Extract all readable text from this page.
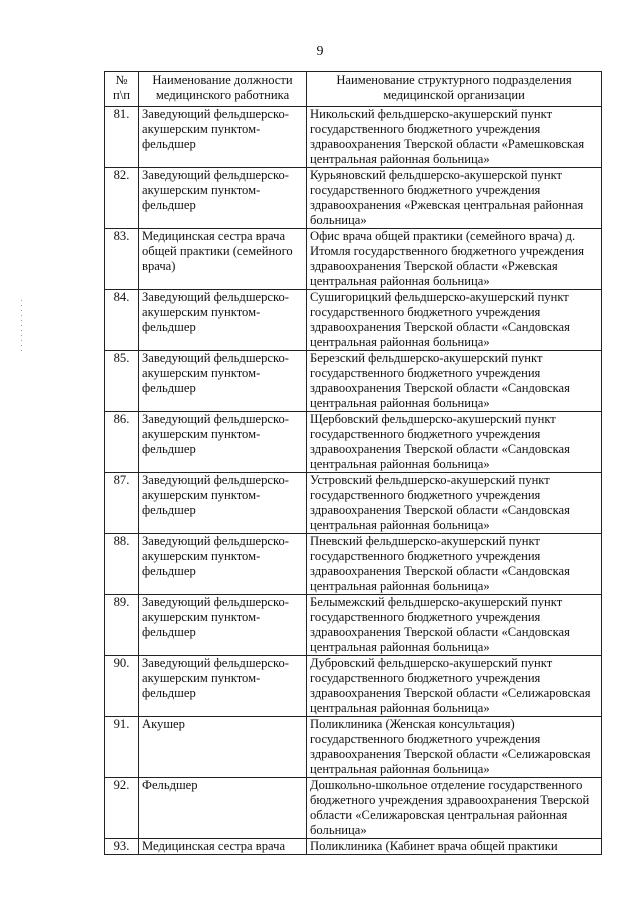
9
№ п\п	Наименование должности медицинского работника	Наименование структурного подразделения медицинской организации
81.	Заведующий фельдшерско-акушерским пунктом-фельдшер	Никольский фельдшерско-акушерский пункт государственного бюджетного учреждения здравоохранения Тверской области «Рамешковская центральная районная больница»
82.	Заведующий фельдшерско-акушерским пунктом-фельдшер	Курьяновский фельдшерско-акушерской пункт государственного бюджетного учреждения здравоохранения «Ржевская центральная районная больница»
83.	Медицинская сестра врача общей практики (семейного врача)	Офис врача общей практики (семейного врача) д. Итомля государственного бюджетного учреждения здравоохранения Тверской области «Ржевская центральная районная больница»
84.	Заведующий фельдшерско-акушерским пунктом-фельдшер	Сушигорицкий фельдшерско-акушерский пункт государственного бюджетного учреждения здравоохранения Тверской области «Сандовская центральная районная больница»
85.	Заведующий фельдшерско-акушерским пунктом-фельдшер	Березский фельдшерско-акушерский пункт государственного бюджетного учреждения здравоохранения Тверской области «Сандовская центральная районная больница»
86.	Заведующий фельдшерско-акушерским пунктом-фельдшер	Щербовский фельдшерско-акушерский пункт государственного бюджетного учреждения здравоохранения Тверской области «Сандовская центральная районная больница»
87.	Заведующий фельдшерско-акушерским пунктом-фельдшер	Устровский фельдшерско-акушерский пункт государственного бюджетного учреждения здравоохранения Тверской области «Сандовская центральная районная больница»
88.	Заведующий фельдшерско-акушерским пунктом-фельдшер	Пневский фельдшерско-акушерский пункт государственного бюджетного учреждения здравоохранения Тверской области «Сандовская центральная районная больница»
89.	Заведующий фельдшерско-акушерским пунктом-фельдшер	Белымежский фельдшерско-акушерский пункт государственного бюджетного учреждения здравоохранения Тверской области «Сандовская центральная районная больница»
90.	Заведующий фельдшерско-акушерским пунктом-фельдшер	Дубровский фельдшерско-акушерский пункт государственного бюджетного учреждения здравоохранения Тверской области «Селижаровская центральная районная больница»
91.	Акушер	Поликлиника (Женская консультация) государственного бюджетного учреждения здравоохранения Тверской области «Селижаровская центральная районная больница»
92.	Фельдшер	Дошкольно-школьное отделение государственного бюджетного учреждения здравоохранения Тверской области «Селижаровская центральная районная больница»
93.	Медицинская сестра врача	Поликлиника (Кабинет врача общей практики
